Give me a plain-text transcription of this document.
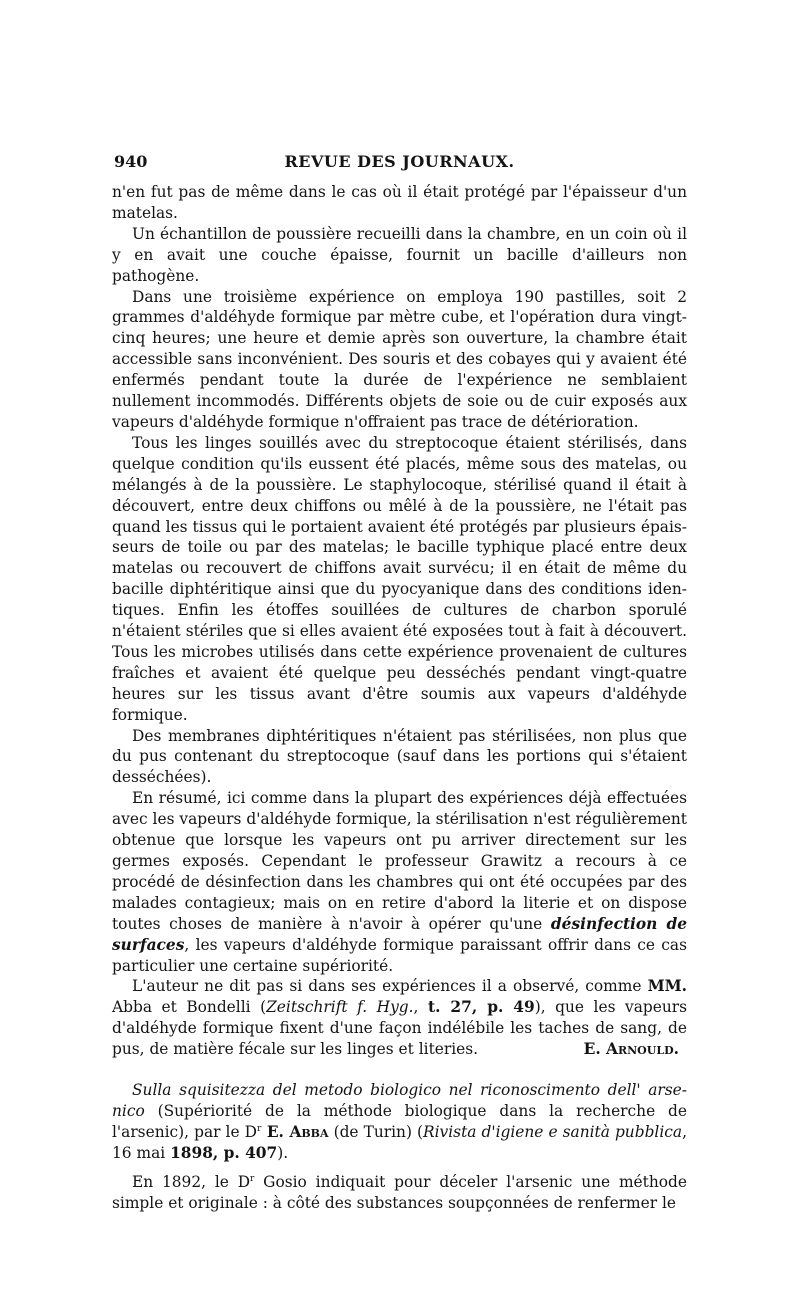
940	REVUE DES JOURNAUX.

n'en fut pas de même dans le cas où il était protégé par l'épaisseur d'un matelas.

Un échantillon de poussière recueilli dans la chambre, en un coin où il y en avait une couche épaisse, fournit un bacille d'ailleurs non pathogène.

Dans une troisième expérience on employa 190 pastilles, soit 2 grammes d'aldéhyde formique par mètre cube, et l'opération dura vingt-cinq heures; une heure et demie après son ouverture, la chambre était accessible sans inconvénient. Des souris et des cobayes qui y avaient été enfermés pendant toute la durée de l'expérience ne semblaient nullement incommodés. Différents objets de soie ou de cuir exposés aux vapeurs d'aldéhyde formique n'offraient pas trace de détérioration.

Tous les linges souillés avec du streptocoque étaient stérilisés, dans quelque condition qu'ils eussent été placés, même sous des matelas, ou mélangés à de la poussière. Le staphylocoque, stérilisé quand il était à découvert, entre deux chiffons ou mêlé à de la poussière, ne l'était pas quand les tissus qui le portaient avaient été protégés par plusieurs épaisseurs de toile ou par des matelas; le bacille typhique placé entre deux matelas ou recouvert de chiffons avait survécu; il en était de même du bacille diphtéritique ainsi que du pyocyanique dans des conditions identiques. Enfin les étoffes souillées de cultures de charbon sporulé n'étaient stériles que si elles avaient été exposées tout à fait à découvert. Tous les microbes utilisés dans cette expérience provenaient de cultures fraîches et avaient été quelque peu desséchés pendant vingt-quatre heures sur les tissus avant d'être soumis aux vapeurs d'aldéhyde formique.

Des membranes diphtéritiques n'étaient pas stérilisées, non plus que du pus contenant du streptocoque (sauf dans les portions qui s'étaient desséchées).

En résumé, ici comme dans la plupart des expériences déjà effectuées avec les vapeurs d'aldéhyde formique, la stérilisation n'est régulièrement obtenue que lorsque les vapeurs ont pu arriver directement sur les germes exposés. Cependant le professeur Grawitz a recours à ce procédé de désinfection dans les chambres qui ont été occupées par des malades contagieux; mais on en retire d'abord la literie et on dispose toutes choses de manière à n'avoir à opérer qu'une désinfection de surfaces, les vapeurs d'aldéhyde formique paraissant offrir dans ce cas particulier une certaine supériorité.

L'auteur ne dit pas si dans ses expériences il a observé, comme MM. Abba et Bondelli (Zeitschrift f. Hyg., t. 27, p. 49), que les vapeurs d'aldéhyde formique fixent d'une façon indélébile les taches de sang, de pus, de matière fécale sur les linges et literies.	E. Arnould.

Sulla squisitezza del metodo biologico nel riconoscimento dell' arsenico (Supériorité de la méthode biologique dans la recherche de l'arsenic), par le $D^r$ E. Abba (de Turin) (Rivista d'igiene e sanità pubblica, 16 mai 1898, p. 407).

En 1892, le $D^r$ Gosio indiquait pour déceler l'arsenic une méthode simple et originale : à côté des substances soupçonnées de renfermer le
